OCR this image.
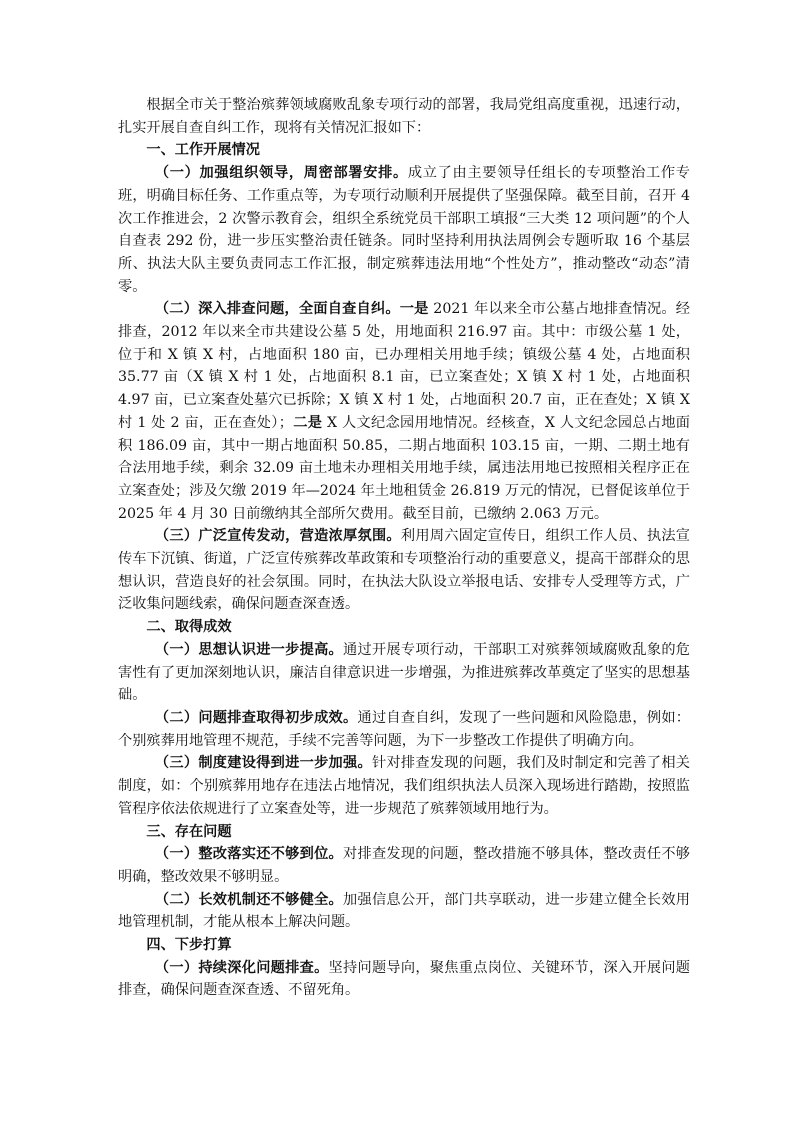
根据全市关于整治殡葬领域腐败乱象专项行动的部署，我局党组高度重视，迅速行动，扎实开展自查自纠工作，现将有关情况汇报如下：

一、工作开展情况

（一）加强组织领导，周密部署安排。成立了由主要领导任组长的专项整治工作专班，明确目标任务、工作重点等，为专项行动顺利开展提供了坚强保障。截至目前，召开 4 次工作推进会，2 次警示教育会，组织全系统党员干部职工填报“三大类 12 项问题”的个人自查表 292 份，进一步压实整治责任链条。同时坚持利用执法周例会专题听取 16 个基层所、执法大队主要负责同志工作汇报，制定殡葬违法用地“个性处方”，推动整改“动态”清零。

（二）深入排查问题，全面自查自纠。一是 2021 年以来全市公墓占地排查情况。经排查，2012 年以来全市共建设公墓 5 处，用地面积 216.97 亩。其中：市级公墓 1 处，位于和 X 镇 X 村，占地面积 180 亩，已办理相关用地手续；镇级公墓 4 处，占地面积 35.77 亩（X 镇 X 村 1 处，占地面积 8.1 亩，已立案查处；X 镇 X 村 1 处，占地面积 4.97 亩，已立案查处墓穴已拆除；X 镇 X 村 1 处，占地面积 20.7 亩，正在查处；X 镇 X 村 1 处 2 亩，正在查处）；二是 X 人文纪念园用地情况。经核查，X 人文纪念园总占地面积 186.09 亩，其中一期占地面积 50.85，二期占地面积 103.15 亩，一期、二期土地有合法用地手续，剩余 32.09 亩土地未办理相关用地手续，属违法用地已按照相关程序正在立案查处；涉及欠缴 2019 年—2024 年土地租赁金 26.819 万元的情况，已督促该单位于 2025 年 4 月 30 日前缴纳其全部所欠费用。截至目前，已缴纳 2.063 万元。

（三）广泛宣传发动，营造浓厚氛围。利用周六固定宣传日，组织工作人员、执法宣传车下沉镇、街道，广泛宣传殡葬改革政策和专项整治行动的重要意义，提高干部群众的思想认识，营造良好的社会氛围。同时，在执法大队设立举报电话、安排专人受理等方式，广泛收集问题线索，确保问题查深查透。

二、取得成效

（一）思想认识进一步提高。通过开展专项行动，干部职工对殡葬领域腐败乱象的危害性有了更加深刻地认识，廉洁自律意识进一步增强，为推进殡葬改革奠定了坚实的思想基础。

（二）问题排查取得初步成效。通过自查自纠，发现了一些问题和风险隐患，例如：个别殡葬用地管理不规范，手续不完善等问题，为下一步整改工作提供了明确方向。

（三）制度建设得到进一步加强。针对排查发现的问题，我们及时制定和完善了相关制度，如：个别殡葬用地存在违法占地情况，我们组织执法人员深入现场进行踏勘，按照监管程序依法依规进行了立案查处等，进一步规范了殡葬领域用地行为。

三、存在问题

（一）整改落实还不够到位。对排查发现的问题，整改措施不够具体，整改责任不够明确，整改效果不够明显。

（二）长效机制还不够健全。加强信息公开，部门共享联动，进一步建立健全长效用地管理机制，才能从根本上解决问题。

四、下步打算

（一）持续深化问题排查。坚持问题导向，聚焦重点岗位、关键环节，深入开展问题排查，确保问题查深查透、不留死角。
